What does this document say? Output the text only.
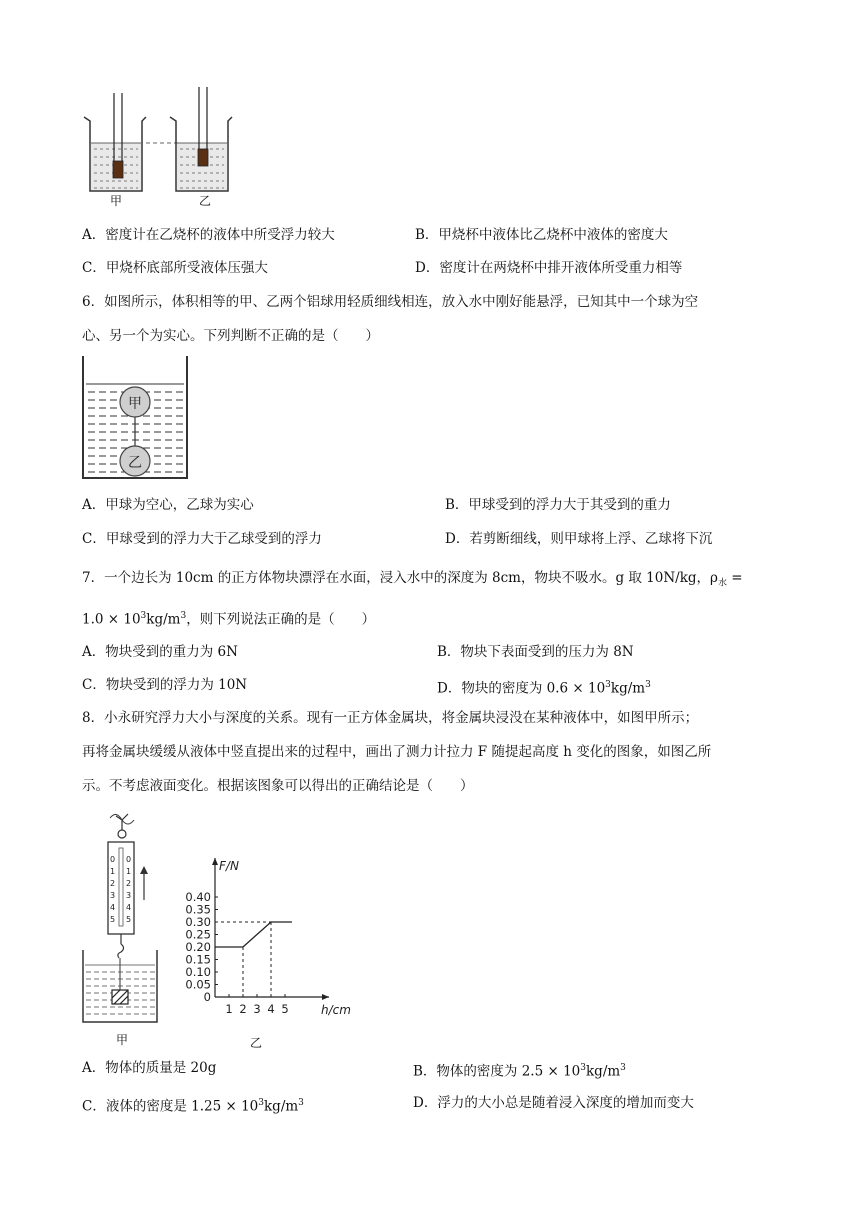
甲	乙
A．密度计在乙烧杯的液体中所受浮力较大	B．甲烧杯中液体比乙烧杯中液体的密度大
C．甲烧杯底部所受液体压强大	D．密度计在两烧杯中排开液体所受重力相等
6．如图所示，体积相等的甲、乙两个铝球用轻质细线相连，放入水中刚好能悬浮，已知其中一个球为空
心、另一个为实心。下列判断不正确的是（　　）
甲
乙
A．甲球为空心，乙球为实心	B．甲球受到的浮力大于其受到的重力
C．甲球受到的浮力大于乙球受到的浮力	D．若剪断细线，则甲球将上浮、乙球将下沉
7．一个边长为 10cm 的正方体物块漂浮在水面，浸入水中的深度为 8cm，物块不吸水。g 取 10N/kg，$\rho_水$ =
$1.0 \times 10^3kg/m^3$，则下列说法正确的是（　　）
A．物块受到的重力为 6N	B．物块下表面受到的压力为 8N
C．物块受到的浮力为 10N	D．物块的密度为 $0.6 \times 10^3kg/m^3$
8．小永研究浮力大小与深度的关系。现有一正方体金属块，将金属块浸没在某种液体中，如图甲所示；
再将金属块缓缓从液体中竖直提出来的过程中，画出了测力计拉力 F 随提起高度 h 变化的图象，如图乙所
示。不考虑液面变化。根据该图象可以得出的正确结论是（　　）
0 0
1 1
2 2
3 3
4 4
5 5
甲
0
0.05
0.10
0.15
0.20
0.25
0.30
0.35
0.40
1 2 3 4 5
F/N
h/cm
乙
A．物体的质量是 20g	B．物体的密度为 $2.5 \times 10^3kg/m^3$
C．液体的密度是 $1.25 \times 10^3kg/m^3$	D．浮力的大小总是随着浸入深度的增加而变大
